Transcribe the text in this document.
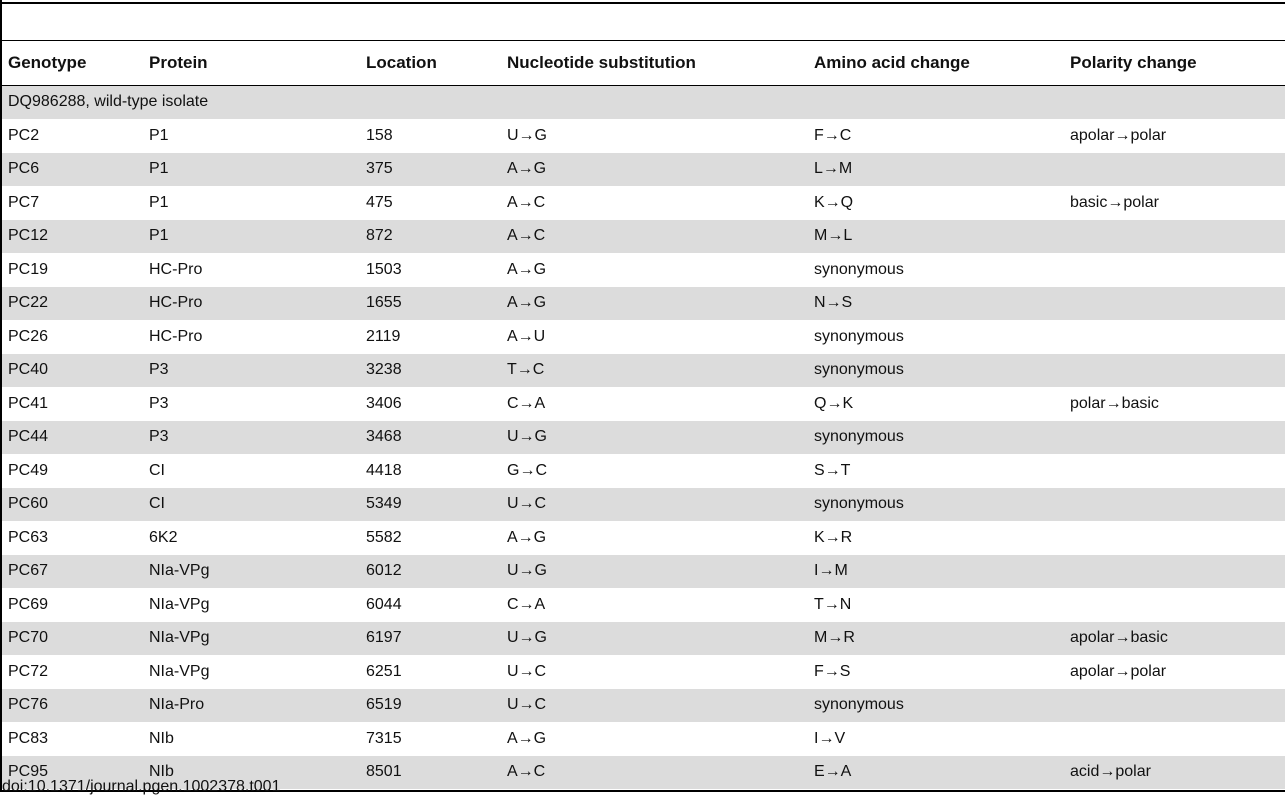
Genotype	Protein	Location	Nucleotide substitution	Amino acid change	Polarity change
DQ986288, wild-type isolate					
PC2	P1	158	U→G	F→C	apolar→polar
PC6	P1	375	A→G	L→M	
PC7	P1	475	A→C	K→Q	basic→polar
PC12	P1	872	A→C	M→L	
PC19	HC-Pro	1503	A→G	synonymous	
PC22	HC-Pro	1655	A→G	N→S	
PC26	HC-Pro	2119	A→U	synonymous	
PC40	P3	3238	T→C	synonymous	
PC41	P3	3406	C→A	Q→K	polar→basic
PC44	P3	3468	U→G	synonymous	
PC49	CI	4418	G→C	S→T	
PC60	CI	5349	U→C	synonymous	
PC63	6K2	5582	A→G	K→R	
PC67	NIa-VPg	6012	U→G	I→M	
PC69	NIa-VPg	6044	C→A	T→N	
PC70	NIa-VPg	6197	U→G	M→R	apolar→basic
PC72	NIa-VPg	6251	U→C	F→S	apolar→polar
PC76	NIa-Pro	6519	U→C	synonymous	
PC83	NIb	7315	A→G	I→V	
PC95	NIb	8501	A→C	E→A	acid→polar
doi:10.1371/journal.pgen.1002378.t001
